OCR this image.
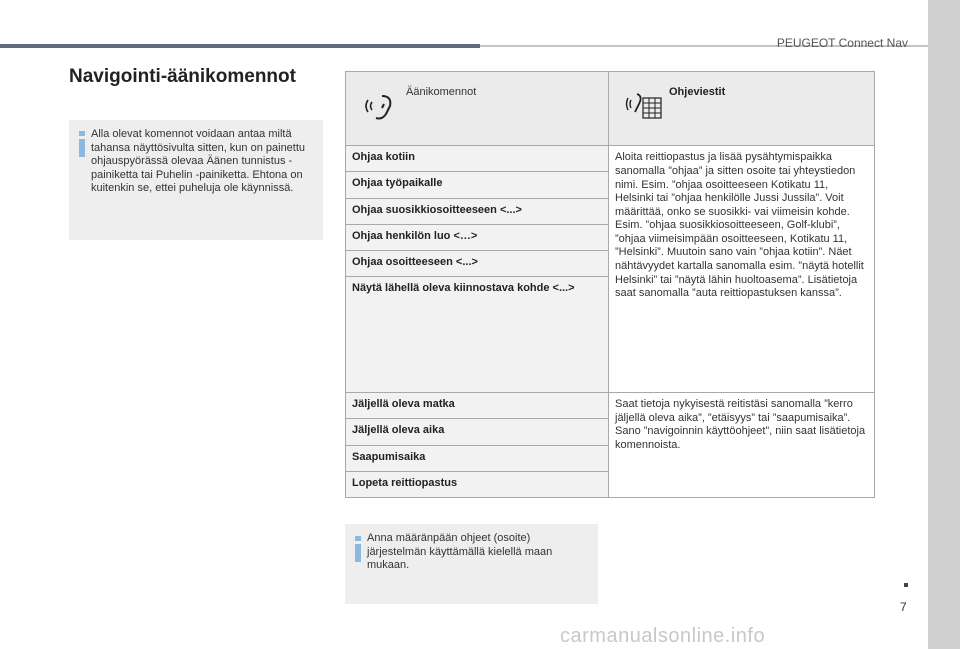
PEUGEOT Connect Nav
Navigointi-äänikomennot
Alla olevat komennot voidaan antaa miltä tahansa näyttösivulta sitten, kun on painettu ohjauspyörässä olevaa Äänen tunnistus -painiketta tai Puhelin -painiketta. Ehtona on kuitenkin se, ettei puheluja ole käynnissä.
Äänikomennot	Ohjeviestit

Ohjaa kotiin	Aloita reittiopastus ja lisää pysähtymispaikka sanomalla ”ohjaa” ja sitten osoite tai yhteystiedon nimi. Esim. ”ohjaa osoitteeseen Kotikatu 11, Helsinki tai ”ohjaa henkilölle Jussi Jussila”. Voit määrittää, onko se suosikki- vai viimeisin kohde. Esim. ”ohjaa suosikkiosoitteeseen, Golf-klubi”, ”ohjaa viimeisimpään osoitteeseen, Kotikatu 11, ”Helsinki”. Muutoin sano vain ”ohjaa kotiin”. Näet nähtävyydet kartalla sanomalla esim. ”näytä hotellit Helsinki” tai ”näytä lähin huoltoasema”. Lisätietoja saat sanomalla ”auta reittiopastuksen kanssa”.
Ohjaa työpaikalle	
Ohjaa suosikkiosoitteeseen <...>	
Ohjaa henkilön luo <…>	
Ohjaa osoitteeseen <...>	
Näytä lähellä oleva kiinnostava kohde <...>	
Jäljellä oleva matka	Saat tietoja nykyisestä reitistäsi sanomalla ”kerro jäljellä oleva aika”, ”etäisyys” tai ”saapumisaika”. Sano ”navigoinnin käyttöohjeet”, niin saat lisätietoja komennoista.
Jäljellä oleva aika	
Saapumisaika	
Lopeta reittiopastus	
Anna määränpään ohjeet (osoite) järjestelmän käyttämällä kielellä maan mukaan.
7
carmanualsonline.info
